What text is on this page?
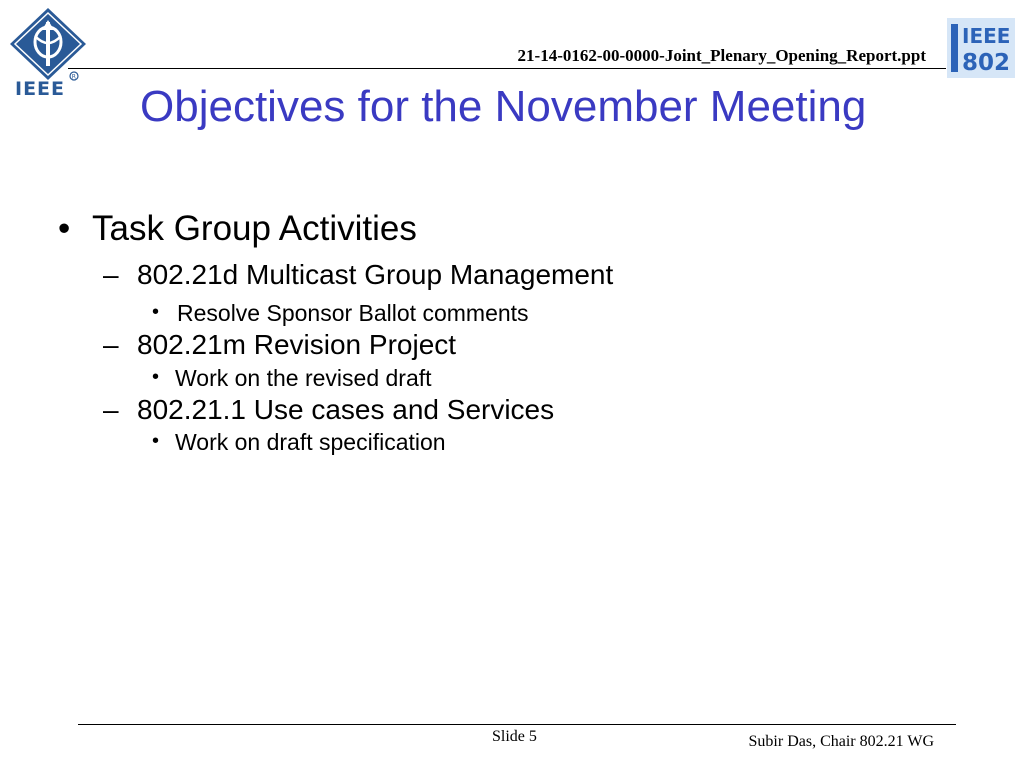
R
IEEE
IEEE
802
21-14-0162-00-0000-Joint_Plenary_Opening_Report.ppt
Objectives for the November Meeting
• Task Group Activities
– 802.21d Multicast Group Management
• Resolve Sponsor Ballot comments
– 802.21m Revision Project
• Work on the revised draft
– 802.21.1 Use cases and Services
• Work on draft specification
Slide 5	Subir Das, Chair 802.21 WG
